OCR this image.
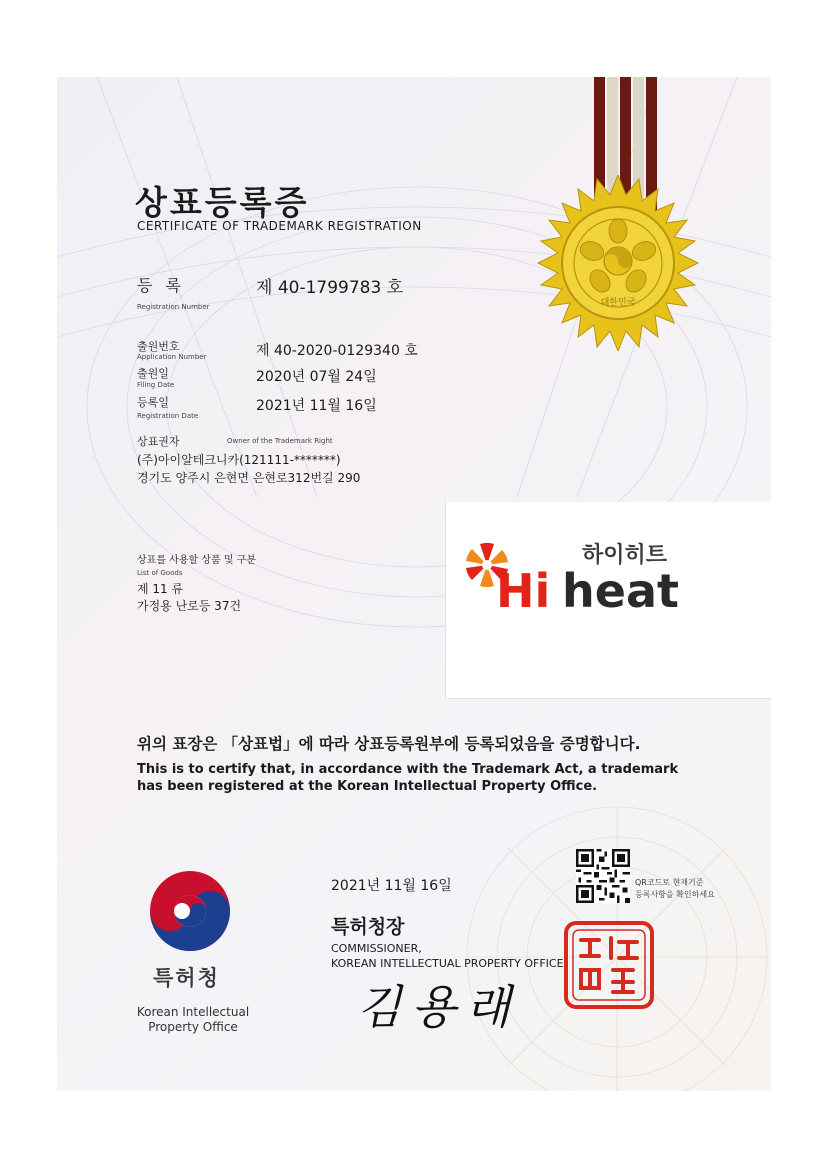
대한민국
상표등록증
CERTIFICATE OF TRADEMARK REGISTRATION
등 록
Registration Number
제 40-1799783 호
출원번호
Application Number	제 40-2020-0129340 호
출원일
Filing Date	2020년 07월 24일
등록일
Registration Date
2021년 11월 16일
상표권자	Owner of the Trademark Right
(주)아이알테크니카(121111-*******)
경기도 양주시 은현면 은현로312번길 290
하이히트
Hi heat
상표를 사용할 상품 및 구분
List of Goods
제 11 류
가정용 난로등 37건
위의 표장은 「상표법」에 따라 상표등록원부에 등록되었음을 증명합니다.
This is to certify that, in accordance with the Trademark Act, a trademark has been registered at the Korean Intellectual Property Office.
특허청
Korean Intellectual Property Office
2021년 11월 16일
특허청장
COMMISSIONER,
KOREAN INTELLECTUAL PROPERTY OFFICE
김용래
QR코드로 현재기준
등록사항을 확인하세요
